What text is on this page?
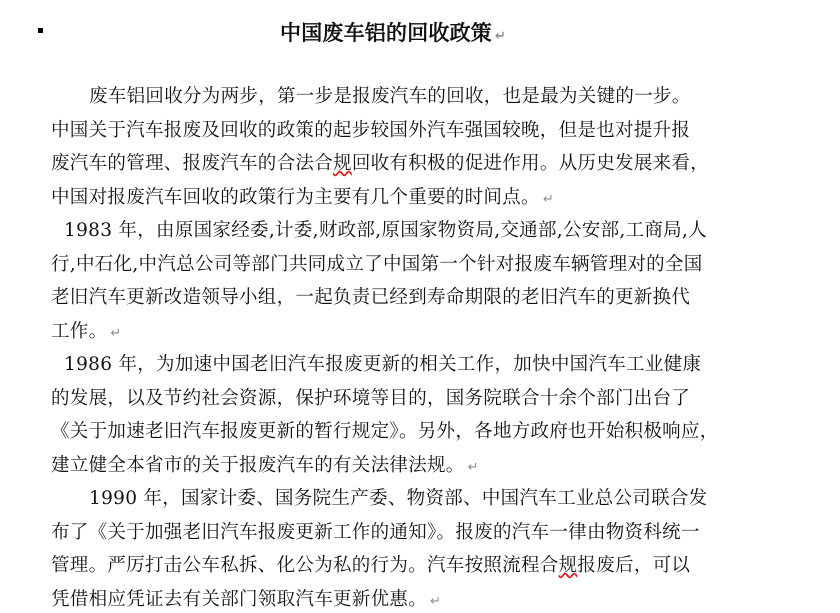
中国废车铝的回收政策 ↵
废车铝回收分为两步，第一步是报废汽车的回收，也是最为关键的一步。
中国关于汽车报废及回收的政策的起步较国外汽车强国较晚，但是也对提升报
废汽车的管理、报废汽车的合法合规回收有积极的促进作用。从历史发展来看，
中国对报废汽车回收的政策行为主要有几个重要的时间点。 ↵
1983 年，由原国家经委,计委,财政部,原国家物资局,交通部,公安部,工商局,人
行,中石化,中汽总公司等部门共同成立了中国第一个针对报废车辆管理对的全国
老旧汽车更新改造领导小组，一起负责已经到寿命期限的老旧汽车的更新换代
工作。 ↵
1986 年，为加速中国老旧汽车报废更新的相关工作，加快中国汽车工业健康
的发展，以及节约社会资源，保护环境等目的，国务院联合十余个部门出台了
《关于加速老旧汽车报废更新的暂行规定》。另外，各地方政府也开始积极响应，
建立健全本省市的关于报废汽车的有关法律法规。 ↵
1990 年，国家计委、国务院生产委、物资部、中国汽车工业总公司联合发
布了《关于加强老旧汽车报废更新工作的通知》。报废的汽车一律由物资科统一
管理。严厉打击公车私拆、化公为私的行为。汽车按照流程合规报废后，可以
凭借相应凭证去有关部门领取汽车更新优惠。 ↵
